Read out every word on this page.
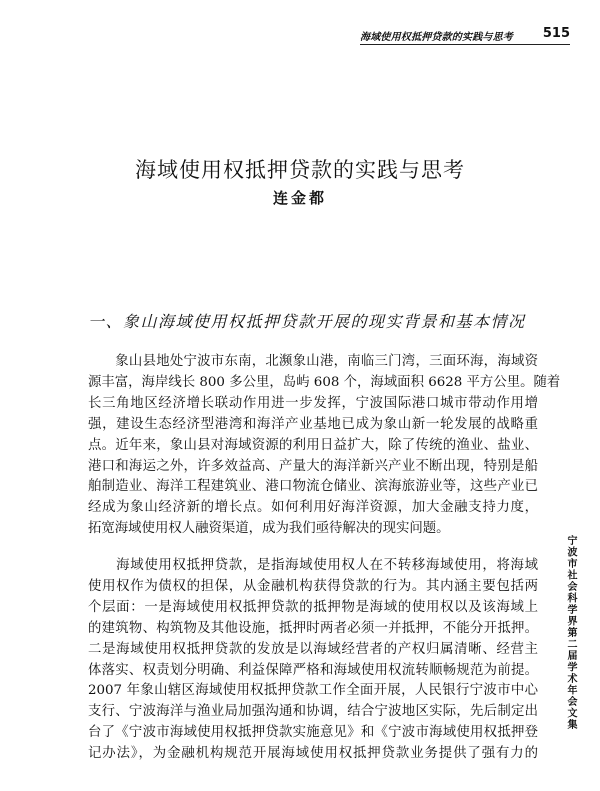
海域使用权抵押贷款的实践与思考 515
海域使用权抵押贷款的实践与思考
连金都
一、象山海域使用权抵押贷款开展的现实背景和基本情况
　　象山县地处宁波市东南，北濒象山港，南临三门湾，三面环海，海域资
源丰富，海岸线长 800 多公里，岛屿 608 个，海域面积 6628 平方公里。随着
长三角地区经济增长联动作用进一步发挥，宁波国际港口城市带动作用增
强，建设生态经济型港湾和海洋产业基地已成为象山新一轮发展的战略重
点。近年来，象山县对海域资源的利用日益扩大，除了传统的渔业、盐业、
港口和海运之外，许多效益高、产量大的海洋新兴产业不断出现，特别是船
舶制造业、海洋工程建筑业、港口物流仓储业、滨海旅游业等，这些产业已
经成为象山经济新的增长点。如何利用好海洋资源，加大金融支持力度，
拓宽海域使用权人融资渠道，成为我们亟待解决的现实问题。
　　海域使用权抵押贷款，是指海域使用权人在不转移海域使用，将海域
使用权作为债权的担保，从金融机构获得贷款的行为。其内涵主要包括两
个层面：一是海域使用权抵押贷款的抵押物是海域的使用权以及该海域上
的建筑物、构筑物及其他设施，抵押时两者必须一并抵押，不能分开抵押。
二是海域使用权抵押贷款的发放是以海域经营者的产权归属清晰、经营主
体落实、权责划分明确、利益保障严格和海域使用权流转顺畅规范为前提。
2007 年象山辖区海域使用权抵押贷款工作全面开展，人民银行宁波市中心
支行、宁波海洋与渔业局加强沟通和协调，结合宁波地区实际，先后制定出
台了《宁波市海域使用权抵押贷款实施意见》和《宁波市海域使用权抵押登
记办法》，为金融机构规范开展海域使用权抵押贷款业务提供了强有力的
宁波市社会科学界第二届学术年会文集
